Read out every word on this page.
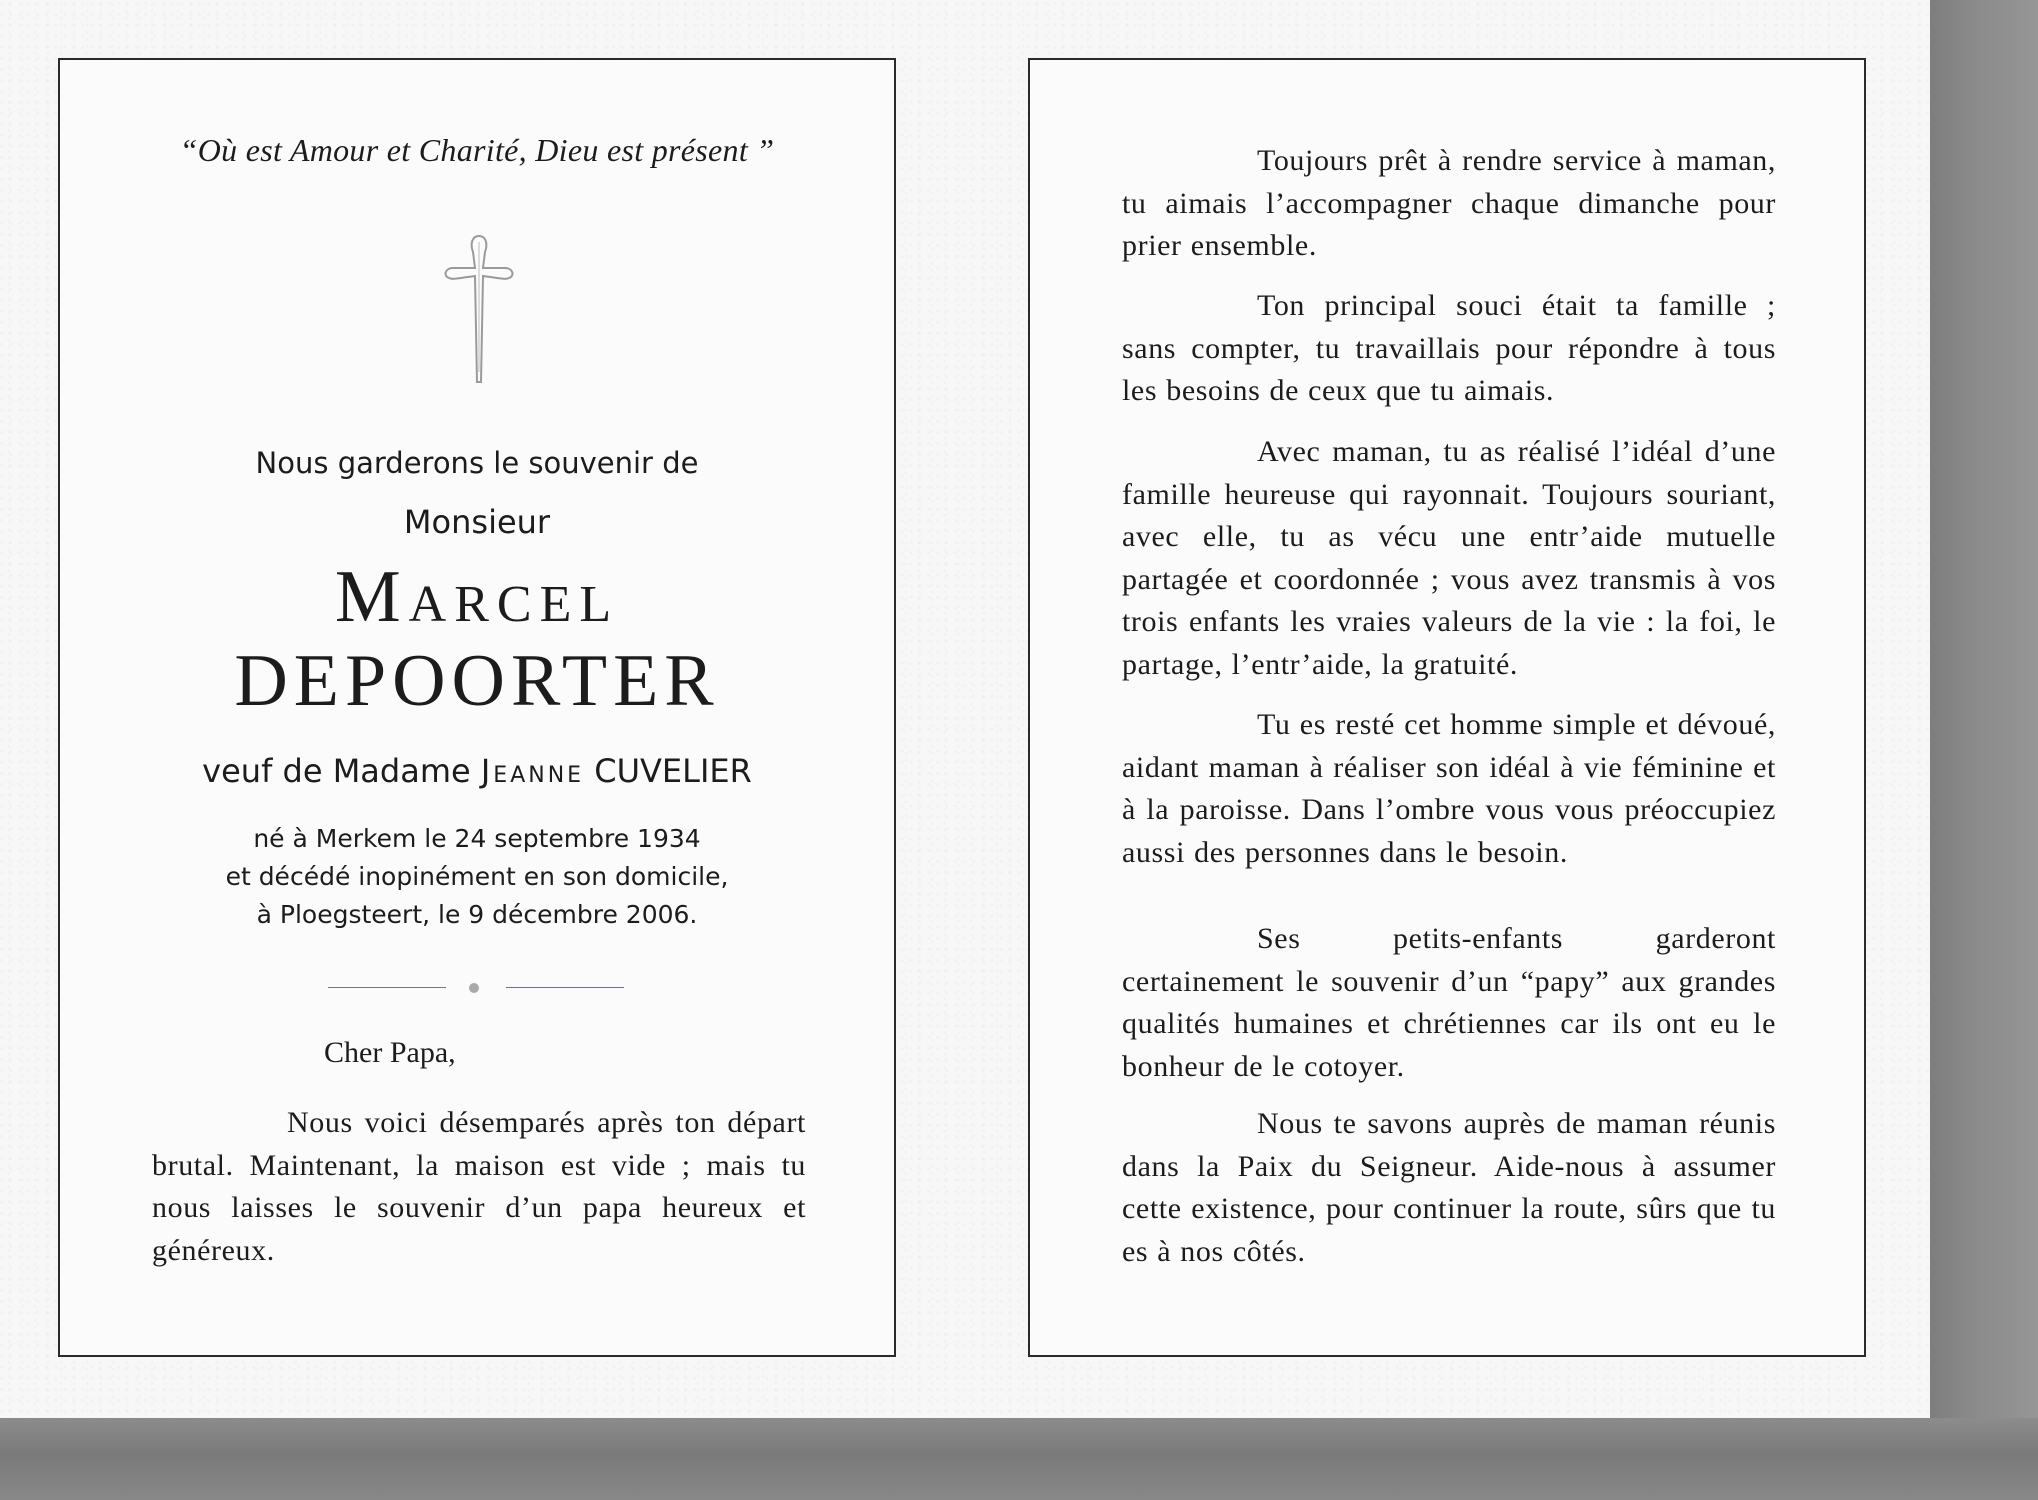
“Où est Amour et Charité, Dieu est présent ”
Nous garderons le souvenir de
Monsieur
Marcel
DEPOORTER
veuf de Madame Jeanne CUVELIER
né à Merkem le 24 septembre 1934
et décédé inopinément en son domicile,
à Ploegsteert, le 9 décembre 2006.
Cher Papa,
Nous voici désemparés après ton départ brutal. Maintenant, la maison est vide ; mais tu nous laisses le souvenir d’un papa heureux et généreux.
Toujours prêt à rendre service à maman, tu aimais l’accompagner chaque dimanche pour prier ensemble.
Ton principal souci était ta famille ; sans compter, tu travaillais pour répondre à tous les besoins de ceux que tu aimais.
Avec maman, tu as réalisé l’idéal d’une famille heureuse qui rayonnait. Toujours souriant, avec elle, tu as vécu une entr’aide mutuelle partagée et coordonnée ; vous avez transmis à vos trois enfants les vraies valeurs de la vie : la foi, le partage, l’entr’aide, la gratuité.
Tu es resté cet homme simple et dévoué, aidant maman à réaliser son idéal à vie féminine et à la paroisse. Dans l’ombre vous vous préoccupiez aussi des personnes dans le besoin.
Ses petits-enfants garderont certainement le souvenir d’un “papy” aux grandes qualités humaines et chrétiennes car ils ont eu le bonheur de le cotoyer.
Nous te savons auprès de maman réunis dans la Paix du Seigneur. Aide-nous à assumer cette existence, pour continuer la route, sûrs que tu es à nos côtés.
